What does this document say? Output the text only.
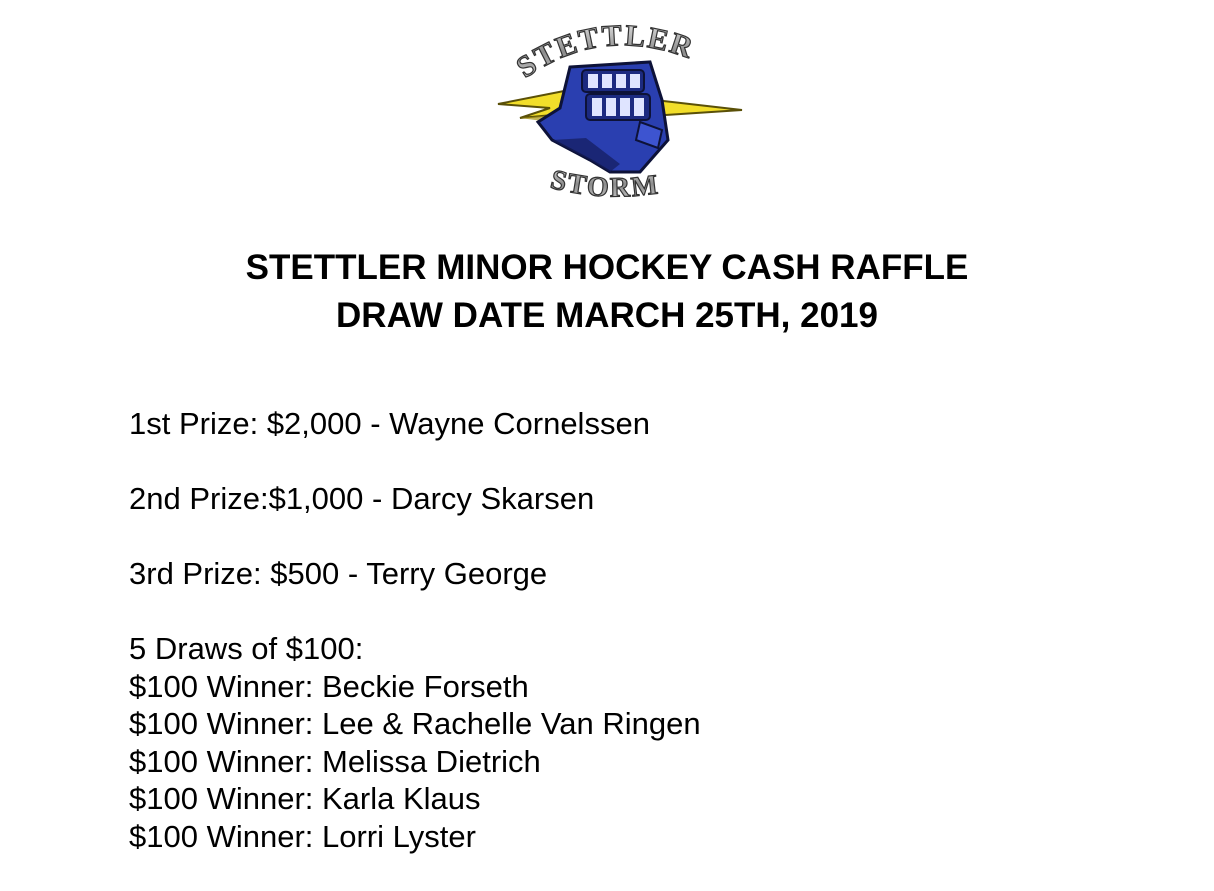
STETTLER
STORM
STETTLER MINOR HOCKEY CASH RAFFLE
DRAW DATE MARCH 25TH, 2019
1st Prize: $2,000 - Wayne Cornelssen
2nd Prize:$1,000 - Darcy Skarsen
3rd Prize: $500 - Terry George
5 Draws of $100:
$100 Winner: Beckie Forseth
$100 Winner: Lee & Rachelle Van Ringen
$100 Winner: Melissa Dietrich
$100 Winner: Karla Klaus
$100 Winner: Lorri Lyster
